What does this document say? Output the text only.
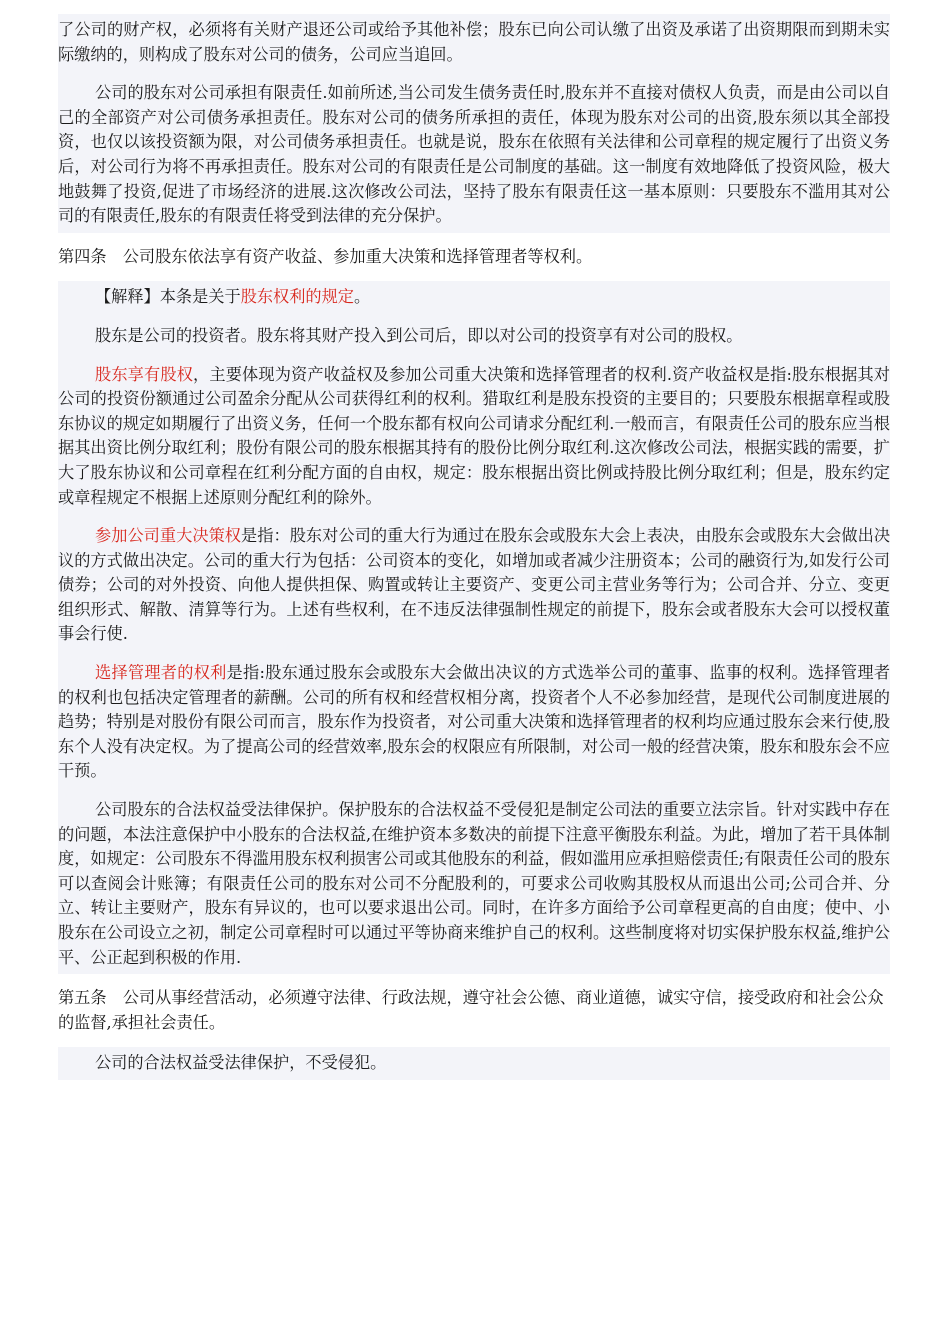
了公司的财产权，必须将有关财产退还公司或给予其他补偿；股东已向公司认缴了出资及承诺了出资期限而到期未实际缴纳的，则构成了股东对公司的债务，公司应当追回。

公司的股东对公司承担有限责任.如前所述,当公司发生债务责任时,股东并不直接对债权人负责，而是由公司以自己的全部资产对公司债务承担责任。股东对公司的债务所承担的责任，体现为股东对公司的出资,股东须以其全部投资，也仅以该投资额为限，对公司债务承担责任。也就是说，股东在依照有关法律和公司章程的规定履行了出资义务后，对公司行为将不再承担责任。股东对公司的有限责任是公司制度的基础。这一制度有效地降低了投资风险，极大地鼓舞了投资,促进了市场经济的进展.这次修改公司法，坚持了股东有限责任这一基本原则：只要股东不滥用其对公司的有限责任,股东的有限责任将受到法律的充分保护。

第四条　公司股东依法享有资产收益、参加重大决策和选择管理者等权利。

【解释】本条是关于股东权利的规定。

股东是公司的投资者。股东将其财产投入到公司后，即以对公司的投资享有对公司的股权。

股东享有股权，主要体现为资产收益权及参加公司重大决策和选择管理者的权利.资产收益权是指:股东根据其对公司的投资份额通过公司盈余分配从公司获得红利的权利。猎取红利是股东投资的主要目的；只要股东根据章程或股东协议的规定如期履行了出资义务，任何一个股东都有权向公司请求分配红利.一般而言，有限责任公司的股东应当根据其出资比例分取红利；股份有限公司的股东根据其持有的股份比例分取红利.这次修改公司法，根据实践的需要，扩大了股东协议和公司章程在红利分配方面的自由权，规定：股东根据出资比例或持股比例分取红利；但是，股东约定或章程规定不根据上述原则分配红利的除外。

参加公司重大决策权是指：股东对公司的重大行为通过在股东会或股东大会上表决，由股东会或股东大会做出决议的方式做出决定。公司的重大行为包括：公司资本的变化，如增加或者减少注册资本；公司的融资行为,如发行公司债券；公司的对外投资、向他人提供担保、购置或转让主要资产、变更公司主营业务等行为；公司合并、分立、变更组织形式、解散、清算等行为。上述有些权利，在不违反法律强制性规定的前提下，股东会或者股东大会可以授权董事会行使.

选择管理者的权利是指:股东通过股东会或股东大会做出决议的方式选举公司的董事、监事的权利。选择管理者的权利也包括决定管理者的薪酬。公司的所有权和经营权相分离，投资者个人不必参加经营，是现代公司制度进展的趋势；特别是对股份有限公司而言，股东作为投资者，对公司重大决策和选择管理者的权利均应通过股东会来行使,股东个人没有决定权。为了提高公司的经营效率,股东会的权限应有所限制，对公司一般的经营决策，股东和股东会不应干预。

公司股东的合法权益受法律保护。保护股东的合法权益不受侵犯是制定公司法的重要立法宗旨。针对实践中存在的问题，本法注意保护中小股东的合法权益,在维护资本多数决的前提下注意平衡股东利益。为此，增加了若干具体制度，如规定：公司股东不得滥用股东权利损害公司或其他股东的利益，假如滥用应承担赔偿责任;有限责任公司的股东可以查阅会计账簿；有限责任公司的股东对公司不分配股利的，可要求公司收购其股权从而退出公司;公司合并、分立、转让主要财产，股东有异议的，也可以要求退出公司。同时，在许多方面给予公司章程更高的自由度；使中、小股东在公司设立之初，制定公司章程时可以通过平等协商来维护自己的权利。这些制度将对切实保护股东权益,维护公平、公正起到积极的作用.

第五条　公司从事经营活动，必须遵守法律、行政法规，遵守社会公德、商业道德，诚实守信，接受政府和社会公众的监督,承担社会责任。

公司的合法权益受法律保护，不受侵犯。
